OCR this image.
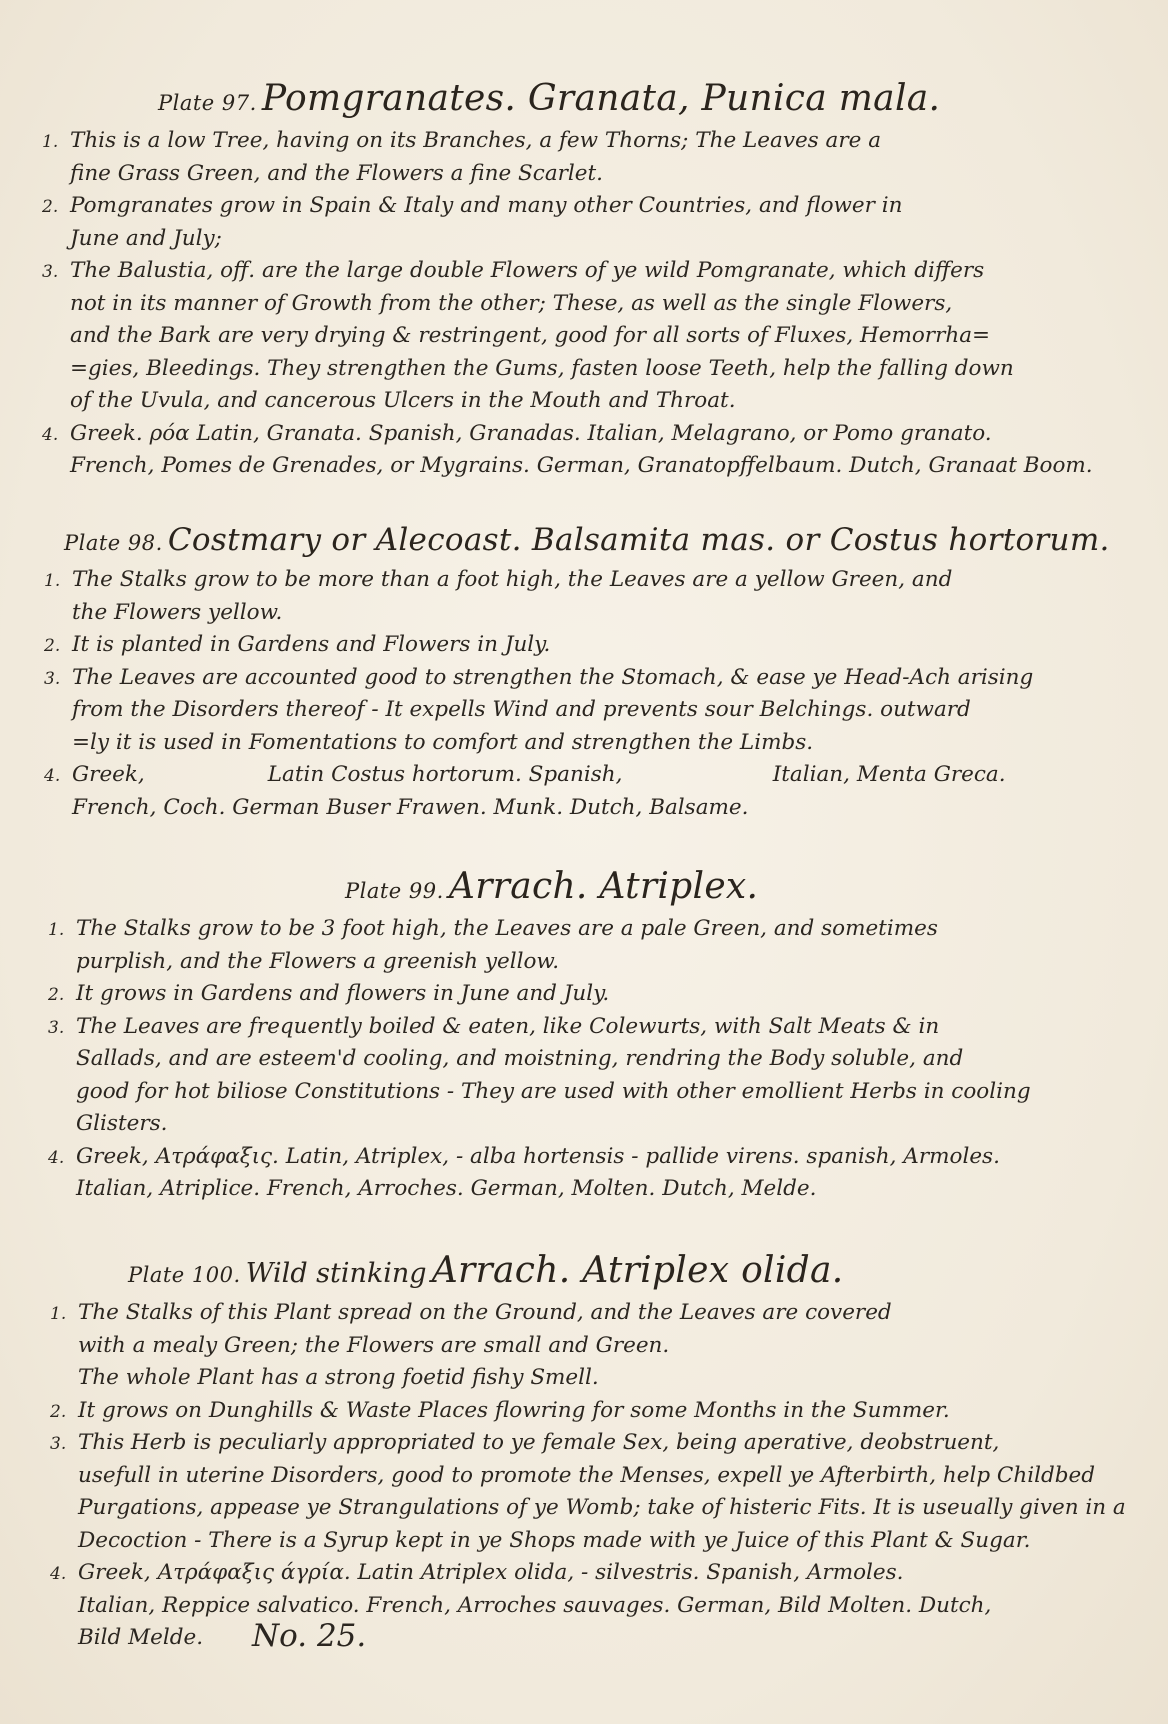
Plate 97. Pomgranates. Granata, Punica mala.
1. This is a low Tree, having on its Branches, a few Thorns; The Leaves are a
fine Grass Green, and the Flowers a fine Scarlet.
2. Pomgranates grow in Spain & Italy and many other Countries, and flower in
June and July;
3. The Balustia, off. are the large double Flowers of ye wild Pomgranate, which differs
not in its manner of Growth from the other; These, as well as the single Flowers,
and the Bark are very drying & restringent, good for all sorts of Fluxes, Hemorrha=
=gies, Bleedings. They strengthen the Gums, fasten loose Teeth, help the falling down
of the Uvula, and cancerous Ulcers in the Mouth and Throat.
4. Greek. ρόα Latin, Granata. Spanish, Granadas. Italian, Melagrano, or Pomo granato.
French, Pomes de Grenades, or Mygrains. German, Granatopffelbaum. Dutch, Granaat Boom.
Plate 98. Costmary or Alecoast. Balsamita mas. or Costus hortorum.
1. The Stalks grow to be more than a foot high, the Leaves are a yellow Green, and
the Flowers yellow.
2. It is planted in Gardens and Flowers in July.
3. The Leaves are accounted good to strengthen the Stomach, & ease ye Head-Ach arising
from the Disorders thereof - It expells Wind and prevents sour Belchings. outward
=ly it is used in Fomentations to comfort and strengthen the Limbs.
4. Greek,                  Latin Costus hortorum. Spanish,                      Italian, Menta Greca.
French, Coch. German Buser Frawen. Munk. Dutch, Balsame.
Plate 99. Arrach. Atriplex.
1. The Stalks grow to be 3 foot high, the Leaves are a pale Green, and sometimes
purplish, and the Flowers a greenish yellow.
2. It grows in Gardens and flowers in June and July.
3. The Leaves are frequently boiled & eaten, like Colewurts, with Salt Meats & in
Sallads, and are esteem'd cooling, and moistning, rendring the Body soluble, and
good for hot biliose Constitutions - They are used with other emollient Herbs in cooling
Glisters.
4. Greek, Ατράφαξις. Latin, Atriplex, - alba hortensis - pallide virens. spanish, Armoles.
Italian, Atriplice. French, Arroches. German, Molten. Dutch, Melde.
Plate 100. Wild stinking Arrach. Atriplex olida.
1. The Stalks of this Plant spread on the Ground, and the Leaves are covered
with a mealy Green; the Flowers are small and Green.
The whole Plant has a strong foetid fishy Smell.
2. It grows on Dunghills & Waste Places flowring for some Months in the Summer.
3. This Herb is peculiarly appropriated to ye female Sex, being aperative, deobstruent,
usefull in uterine Disorders, good to promote the Menses, expell ye Afterbirth, help Childbed
Purgations, appease ye Strangulations of ye Womb; take of histeric Fits. It is useually given in a
Decoction - There is a Syrup kept in ye Shops made with ye Juice of this Plant & Sugar.
4. Greek, Ατράφαξις άγρία. Latin Atriplex olida, - silvestris. Spanish, Armoles.
Italian, Reppice salvatico. French, Arroches sauvages. German, Bild Molten. Dutch,
Bild Melde.	No. 25.
